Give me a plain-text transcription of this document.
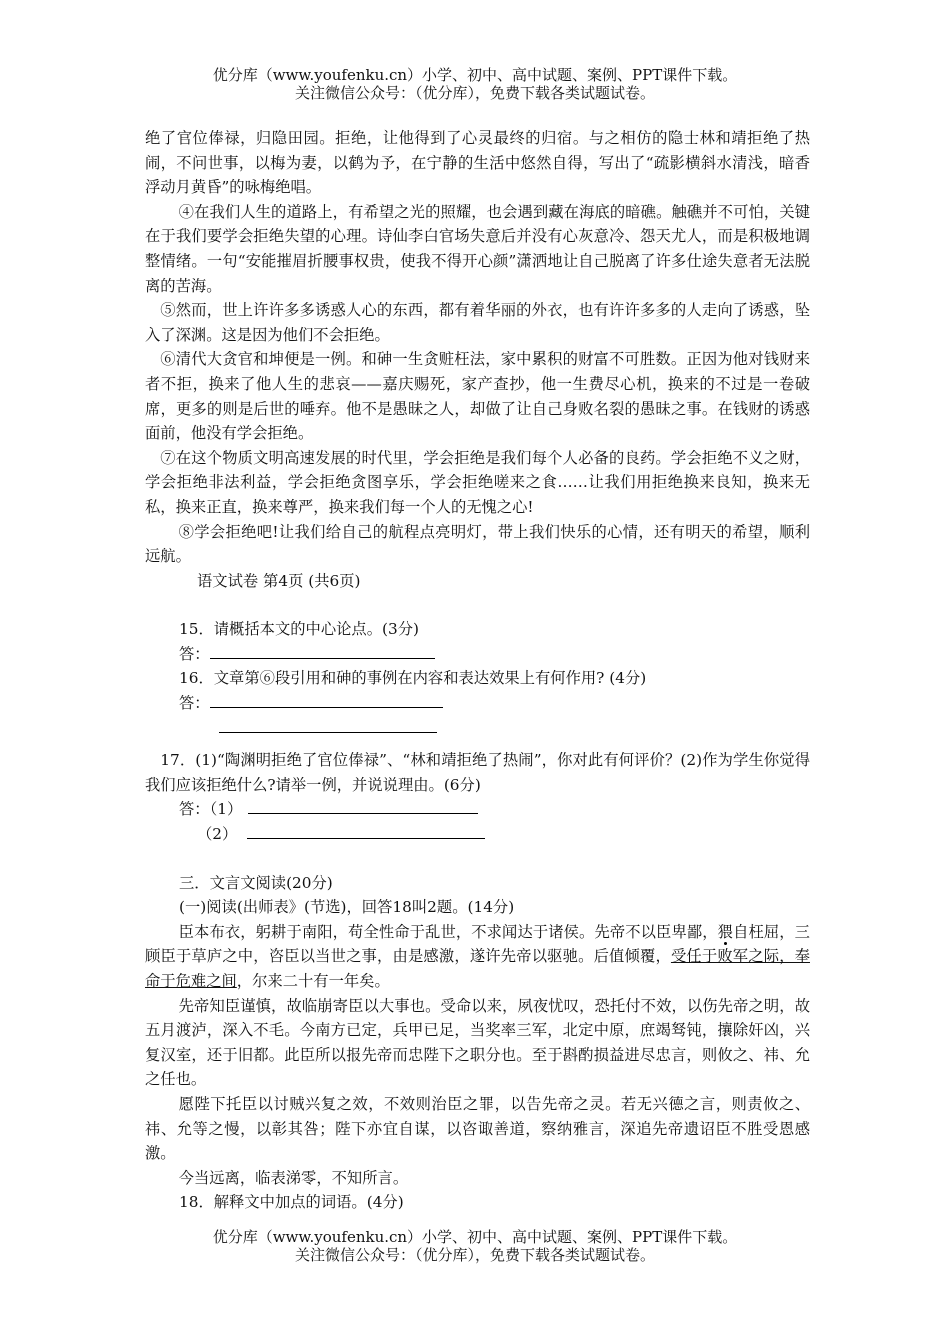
优分库（www.youfenku.cn）小学、初中、高中试题、案例、PPT课件下载。
关注微信公众号：（优分库），免费下载各类试题试卷。

绝了官位俸禄，归隐田园。拒绝，让他得到了心灵最终的归宿。与之相仿的隐士林和靖拒绝了热闹，不问世事，以梅为妻，以鹤为予，在宁静的生活中悠然自得，写出了“疏影横斜水清浅，暗香浮动月黄昏”的咏梅绝唱。

④在我们人生的道路上，有希望之光的照耀，也会遇到藏在海底的暗礁。触礁并不可怕，关键在于我们要学会拒绝失望的心理。诗仙李白官场失意后并没有心灰意冷、怨天尤人，而是积极地调整情绪。一句“安能摧眉折腰事权贵，使我不得开心颜”潇洒地让自己脱离了许多仕途失意者无法脱离的苦海。

⑤然而，世上许许多多诱惑人心的东西，都有着华丽的外衣，也有许许多多的人走向了诱惑，坠入了深渊。这是因为他们不会拒绝。

⑥清代大贪官和坤便是一例。和砷一生贪赃枉法，家中累积的财富不可胜数。正因为他对钱财来者不拒，换来了他人生的悲哀——嘉庆赐死，家产查抄，他一生费尽心机，换来的不过是一卷破席，更多的则是后世的唾弃。他不是愚昧之人，却做了让自己身败名裂的愚昧之事。在钱财的诱惑面前，他没有学会拒绝。

⑦在这个物质文明高速发展的时代里，学会拒绝是我们每个人必备的良药。学会拒绝不义之财，学会拒绝非法利益，学会拒绝贪图享乐，学会拒绝嗟来之食……让我们用拒绝换来良知，换来无私，换来正直，换来尊严，换来我们每一个人的无愧之心!

⑧学会拒绝吧!让我们给自己的航程点亮明灯，带上我们快乐的心情，还有明天的希望，顺利远航。

语文试卷 第4页 (共6页)

15．请概括本文的中心论点。(3分)

答：

16．文章第⑥段引用和砷的事例在内容和表达效果上有何作用? (4分)

答：

17．(1)“陶渊明拒绝了官位俸禄”、“林和靖拒绝了热闹”，你对此有何评价？(2)作为学生你觉得我们应该拒绝什么?请举一例，并说说理由。(6分)

答：（1）

（2）

三．文言文阅读(20分)

(一)阅读(出师表》(节选)，回答18叫2题。(14分)

臣本布衣，躬耕于南阳，苟全性命于乱世，不求闻达于诸侯。先帝不以臣卑鄙，猥自枉屈，三顾臣于草庐之中，咨臣以当世之事，由是感激，遂许先帝以驱驰。后值倾覆，受任于败军之际，奉命于危难之间，尔来二十有一年矣。

先帝知臣谨慎，故临崩寄臣以大事也。受命以来，夙夜忧叹，恐托付不效，以伤先帝之明，故五月渡泸，深入不毛。今南方已定，兵甲已足，当奖率三军，北定中原，庶竭驽钝，攘除奸凶，兴复汉室，还于旧都。此臣所以报先帝而忠陛下之职分也。至于斟酌损益进尽忠言，则攸之、祎、允之任也。

愿陛下托臣以讨贼兴复之效，不效则治臣之罪，以告先帝之灵。若无兴德之言，则责攸之、祎、允等之慢，以彰其咎；陛下亦宜自谋，以咨诹善道，察纳雅言，深追先帝遗诏臣不胜受恩感激。

今当远离，临表涕零，不知所言。

18．解释文中加点的词语。(4分)

优分库（www.youfenku.cn）小学、初中、高中试题、案例、PPT课件下载。
关注微信公众号：（优分库），免费下载各类试题试卷。
